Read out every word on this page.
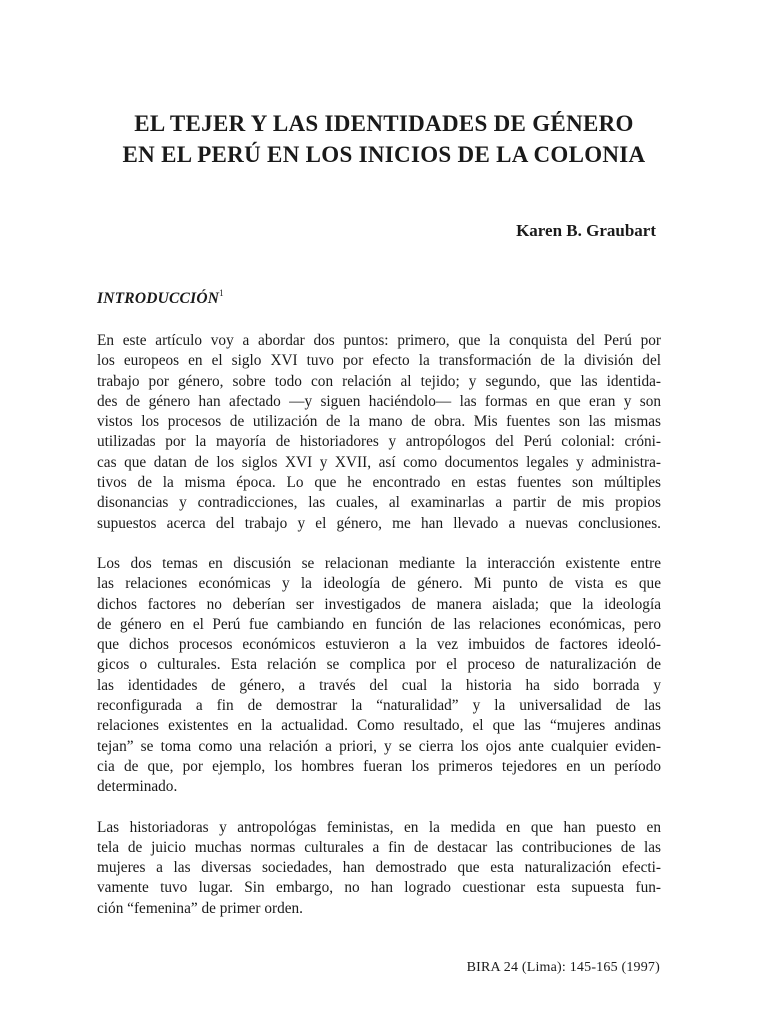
EL TEJER Y LAS IDENTIDADES DE GÉNERO
EN EL PERÚ EN LOS INICIOS DE LA COLONIA
Karen B. Graubart
INTRODUCCIÓN$^1$
En este artículo voy a abordar dos puntos: primero, que la conquista del Perú por
los europeos en el siglo XVI tuvo por efecto la transformación de la división del
trabajo por género, sobre todo con relación al tejido; y segundo, que las identida-
des de género han afectado —y siguen haciéndolo— las formas en que eran y son
vistos los procesos de utilización de la mano de obra. Mis fuentes son las mismas
utilizadas por la mayoría de historiadores y antropólogos del Perú colonial: cróni-
cas que datan de los siglos XVI y XVII, así como documentos legales y administra-
tivos de la misma época. Lo que he encontrado en estas fuentes son múltiples
disonancias y contradicciones, las cuales, al examinarlas a partir de mis propios
supuestos acerca del trabajo y el género, me han llevado a nuevas conclusiones.
Los dos temas en discusión se relacionan mediante la interacción existente entre
las relaciones económicas y la ideología de género. Mi punto de vista es que
dichos factores no deberían ser investigados de manera aislada; que la ideología
de género en el Perú fue cambiando en función de las relaciones económicas, pero
que dichos procesos económicos estuvieron a la vez imbuidos de factores ideoló-
gicos o culturales. Esta relación se complica por el proceso de naturalización de
las identidades de género, a través del cual la historia ha sido borrada y
reconfigurada a fin de demostrar la “naturalidad” y la universalidad de las
relaciones existentes en la actualidad. Como resultado, el que las “mujeres andinas
tejan” se toma como una relación a priori, y se cierra los ojos ante cualquier eviden-
cia de que, por ejemplo, los hombres fueran los primeros tejedores en un período
determinado.
Las historiadoras y antropológas feministas, en la medida en que han puesto en
tela de juicio muchas normas culturales a fin de destacar las contribuciones de las
mujeres a las diversas sociedades, han demostrado que esta naturalización efecti-
vamente tuvo lugar. Sin embargo, no han logrado cuestionar esta supuesta fun-
ción “femenina” de primer orden.
BIRA 24 (Lima): 145-165 (1997)
